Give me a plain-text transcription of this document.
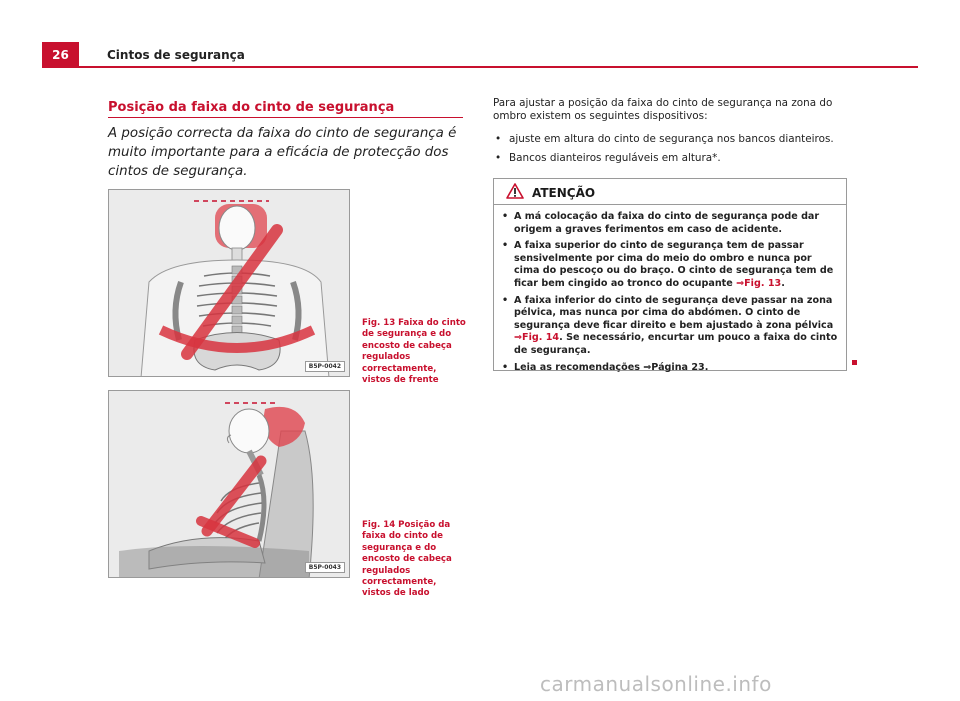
26	Cintos de segurança
Posição da faixa do cinto de segurança
A posição correcta da faixa do cinto de segurança é muito importante para a eficácia de protecção dos cintos de segurança.
B5P-0042
Fig. 13 Faixa do cinto de segurança e do encosto de cabeça regulados correctamente, vistos de frente
B5P-0043
Fig. 14 Posição da faixa do cinto de segurança e do encosto de cabeça regulados correctamente, vistos de lado
Para ajustar a posição da faixa do cinto de segurança na zona do ombro existem os seguintes dispositivos:
• ajuste em altura do cinto de segurança nos bancos dianteiros.
• Bancos dianteiros reguláveis em altura*.
ATENÇÃO
• A má colocação da faixa do cinto de segurança pode dar origem a graves ferimentos em caso de acidente.
• A faixa superior do cinto de segurança tem de passar sensivelmente por cima do meio do ombro e nunca por cima do pescoço ou do braço. O cinto de segurança tem de ficar bem cingido ao tronco do ocupante ⇒Fig. 13.
• A faixa inferior do cinto de segurança deve passar na zona pélvica, mas nunca por cima do abdómen. O cinto de segurança deve ficar direito e bem ajustado à zona pélvica ⇒Fig. 14. Se necessário, encurtar um pouco a faixa do cinto de segurança.
• Leia as recomendações ⇒Página 23.
carmanualsonline.info
